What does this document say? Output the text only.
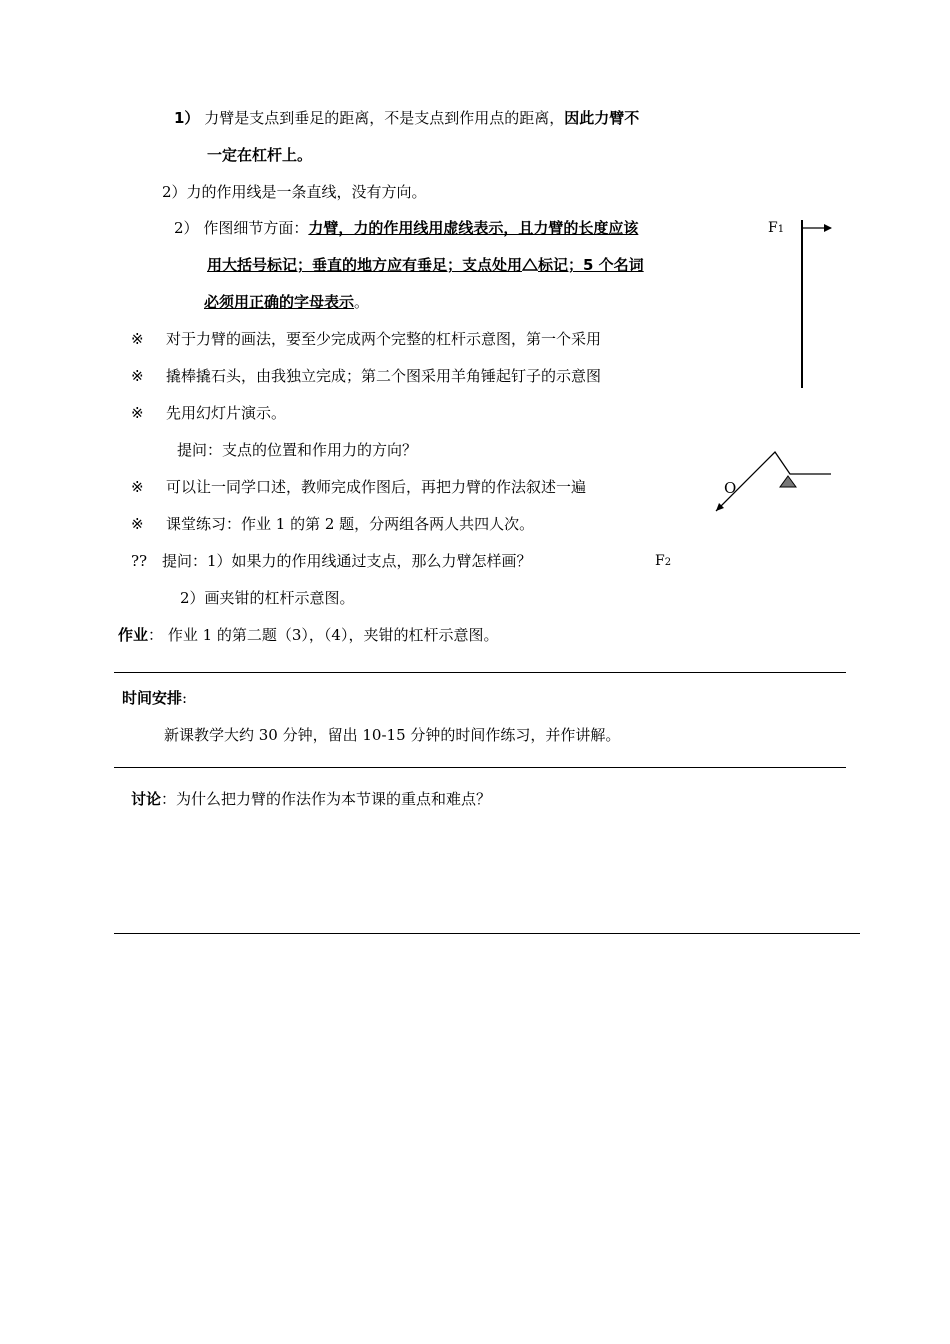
1） 力臂是支点到垂足的距离，不是支点到作用点的距离，因此力臂不
一定在杠杆上。
2）力的作用线是一条直线，没有方向。
2） 作图细节方面：力臂，力的作用线用虚线表示，且力臂的长度应该
用大括号标记；垂直的地方应有垂足；支点处用 标记；5 个名词
必须用正确的字母表示。
※ 对于力臂的画法，要至少完成两个完整的杠杆示意图，第一个采用
※ 撬棒撬石头，由我独立完成；第二个图采用羊角锤起钉子的示意图
※ 先用幻灯片演示。
提问：支点的位置和作用力的方向？
※ 可以让一同学口述，教师完成作图后，再把力臂的作法叙述一遍
※ 课堂练习：作业 1 的第 2 题，分两组各两人共四人次。
?? 提问：1）如果力的作用线通过支点，那么力臂怎样画？
2）画夹钳的杠杆示意图。
作业： 作业 1 的第二题（3），（4），夹钳的杠杆示意图。
时间安排:
新课教学大约 30 分钟，留出 10-15 分钟的时间作练习，并作讲解。
讨论：为什么把力臂的作法作为本节课的重点和难点？
F1
O
F2
